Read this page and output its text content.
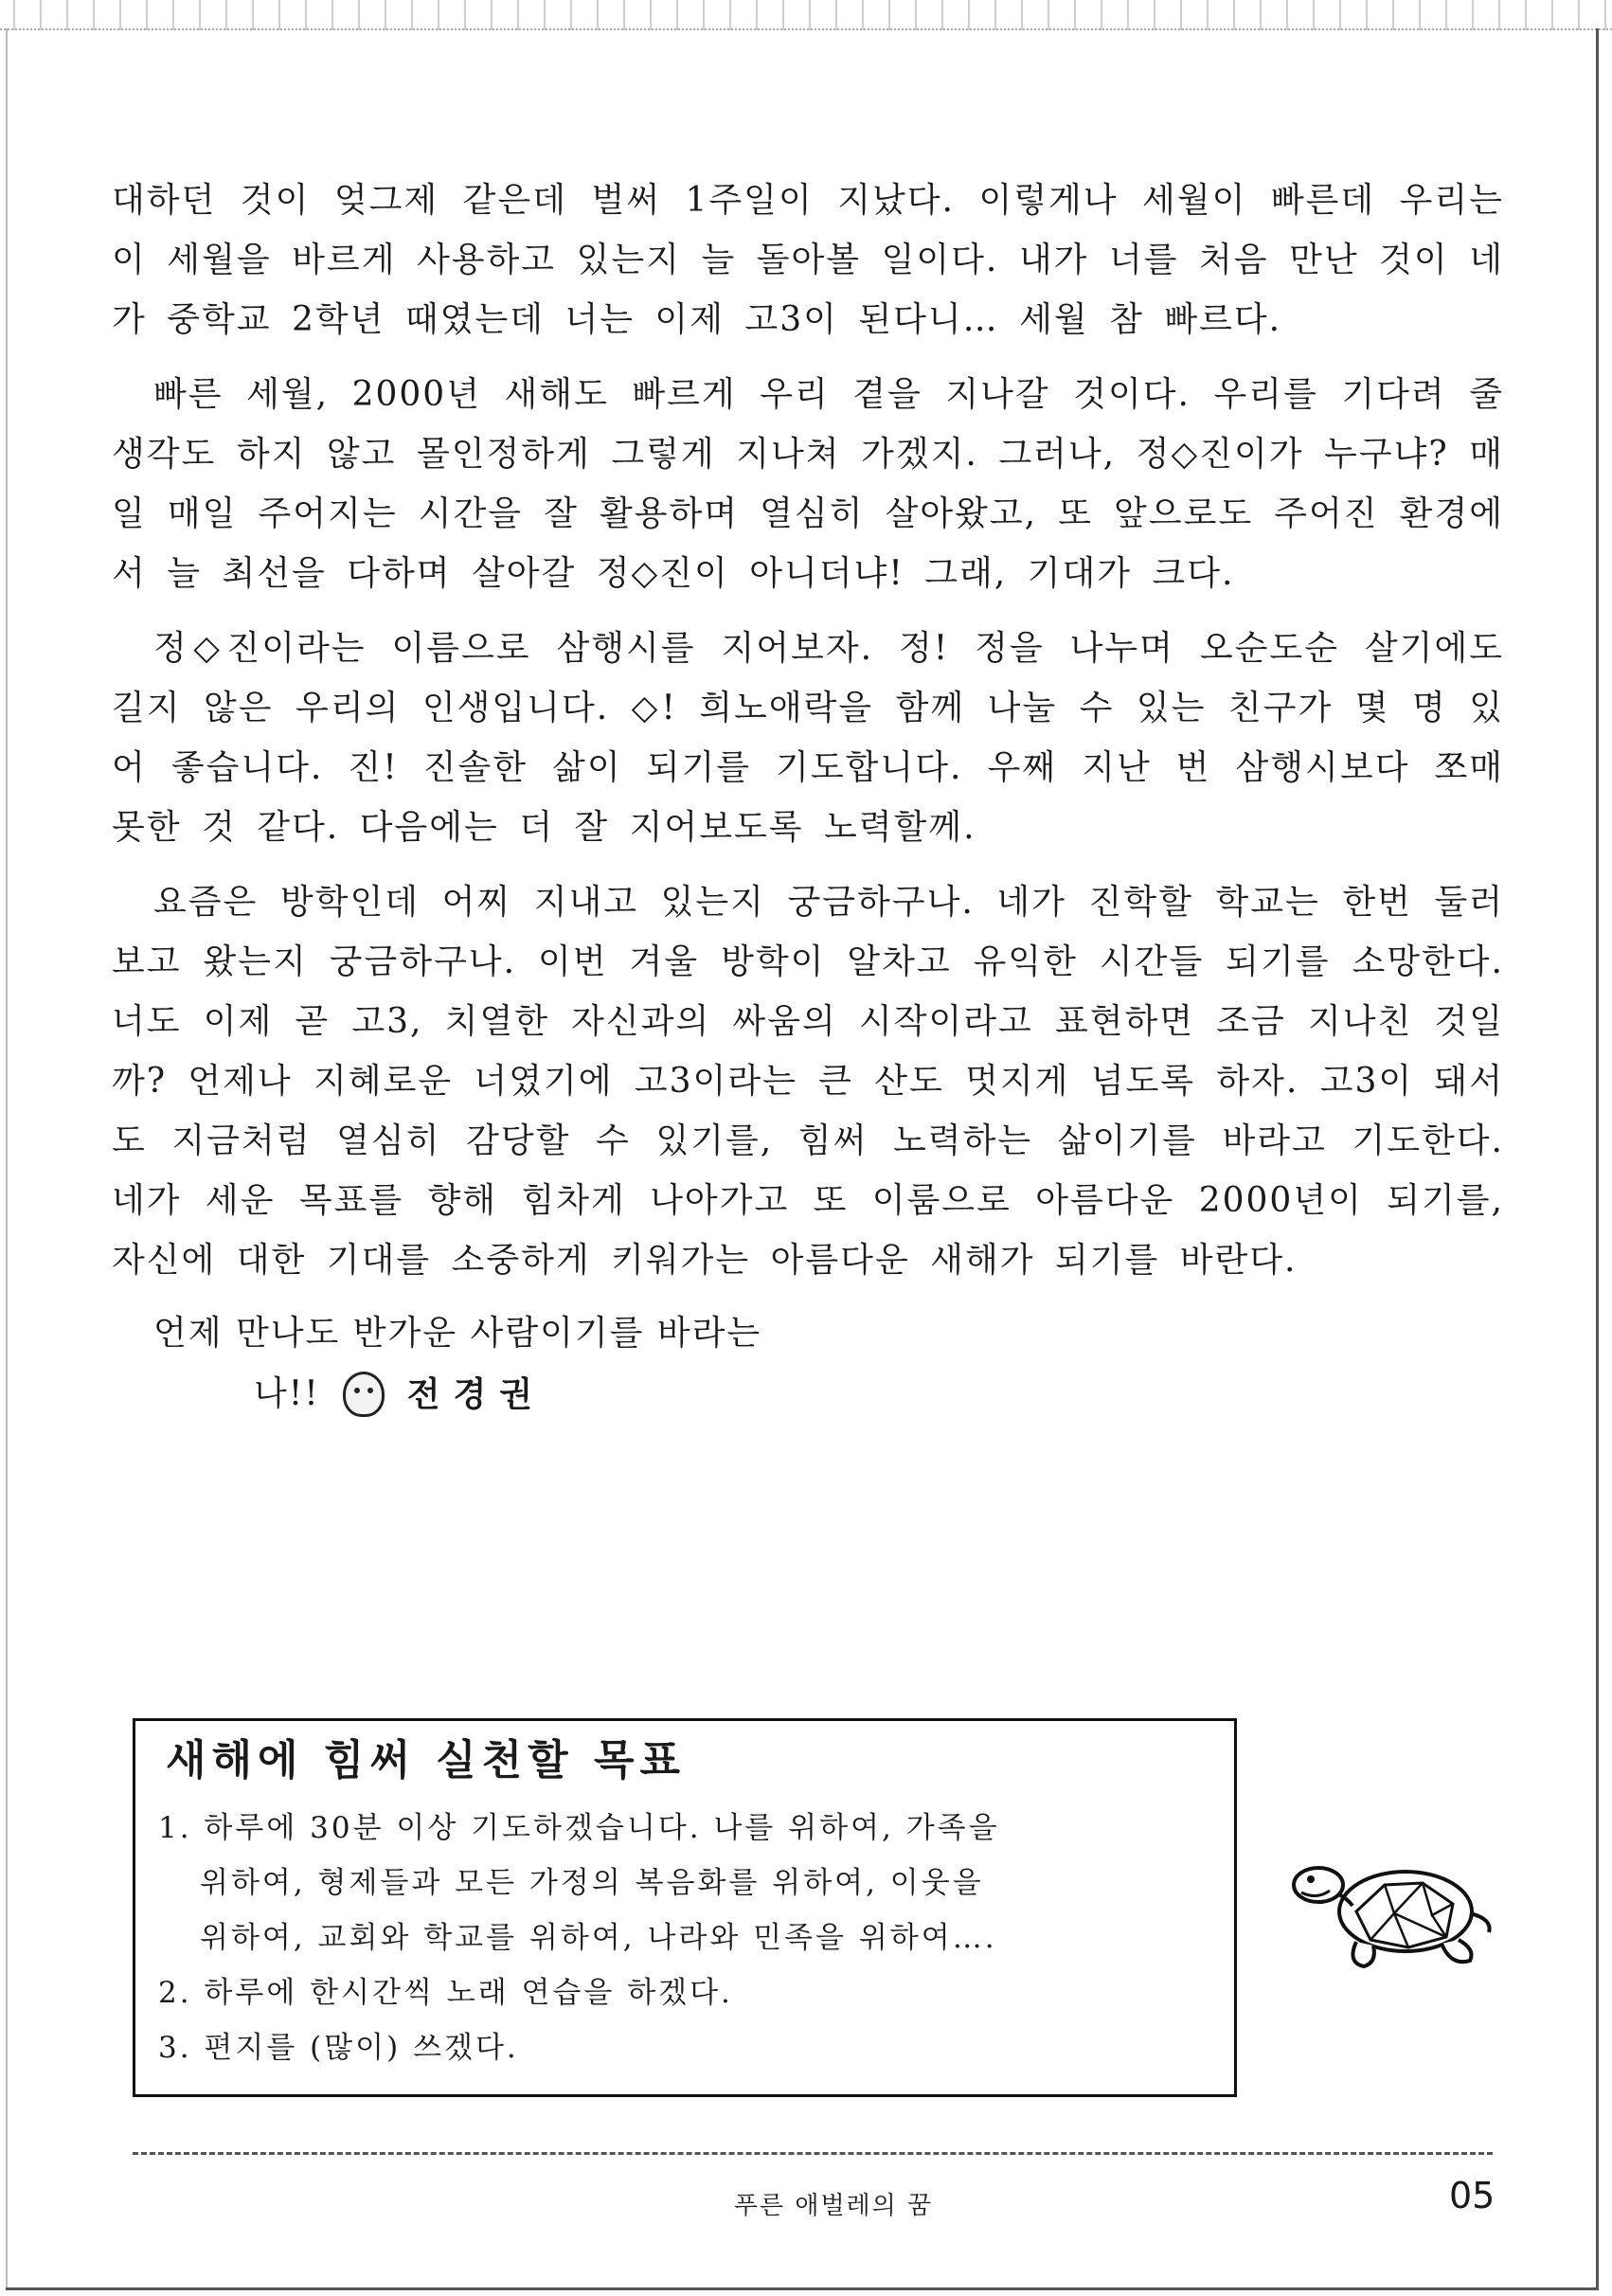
대하던 것이 엊그제 같은데 벌써 1주일이 지났다. 이렇게나 세월이 빠른데 우리는 이 세월을 바르게 사용하고 있는지 늘 돌아볼 일이다. 내가 너를 처음 만난 것이 네가 중학교 2학년 때였는데 너는 이제 고3이 된다니… 세월 참 빠르다.

빠른 세월, 2000년 새해도 빠르게 우리 곁을 지나갈 것이다. 우리를 기다려 줄 생각도 하지 않고 몰인정하게 그렇게 지나쳐 가겠지. 그러나, 정◇진이가 누구냐? 매일 매일 주어지는 시간을 잘 활용하며 열심히 살아왔고, 또 앞으로도 주어진 환경에서 늘 최선을 다하며 살아갈 정◇진이 아니더냐! 그래, 기대가 크다.

정◇진이라는 이름으로 삼행시를 지어보자. 정! 정을 나누며 오순도순 살기에도 길지 않은 우리의 인생입니다. ◇! 희노애락을 함께 나눌 수 있는 친구가 몇 명 있어 좋습니다. 진! 진솔한 삶이 되기를 기도합니다. 우째 지난 번 삼행시보다 쪼매 못한 것 같다. 다음에는 더 잘 지어보도록 노력할께.

요즘은 방학인데 어찌 지내고 있는지 궁금하구나. 네가 진학할 학교는 한번 둘러보고 왔는지 궁금하구나. 이번 겨울 방학이 알차고 유익한 시간들 되기를 소망한다. 너도 이제 곧 고3, 치열한 자신과의 싸움의 시작이라고 표현하면 조금 지나친 것일까? 언제나 지혜로운 너였기에 고3이라는 큰 산도 멋지게 넘도록 하자. 고3이 돼서도 지금처럼 열심히 감당할 수 있기를, 힘써 노력하는 삶이기를 바라고 기도한다. 네가 세운 목표를 향해 힘차게 나아가고 또 이룸으로 아름다운 2000년이 되기를, 자신에 대한 기대를 소중하게 키워가는 아름다운 새해가 되기를 바란다.

언제 만나도 반가운 사람이기를 바라는
나!!	전경권
새해에 힘써 실천할 목표

1. 하루에 30분 이상 기도하겠습니다. 나를 위하여, 가족을

위하여, 형제들과 모든 가정의 복음화를 위하여, 이웃을

위하여, 교회와 학교를 위하여, 나라와 민족을 위하여….

2. 하루에 한시간씩 노래 연습을 하겠다.

3. 편지를 (많이) 쓰겠다.

푸른 애벌레의 꿈	05
